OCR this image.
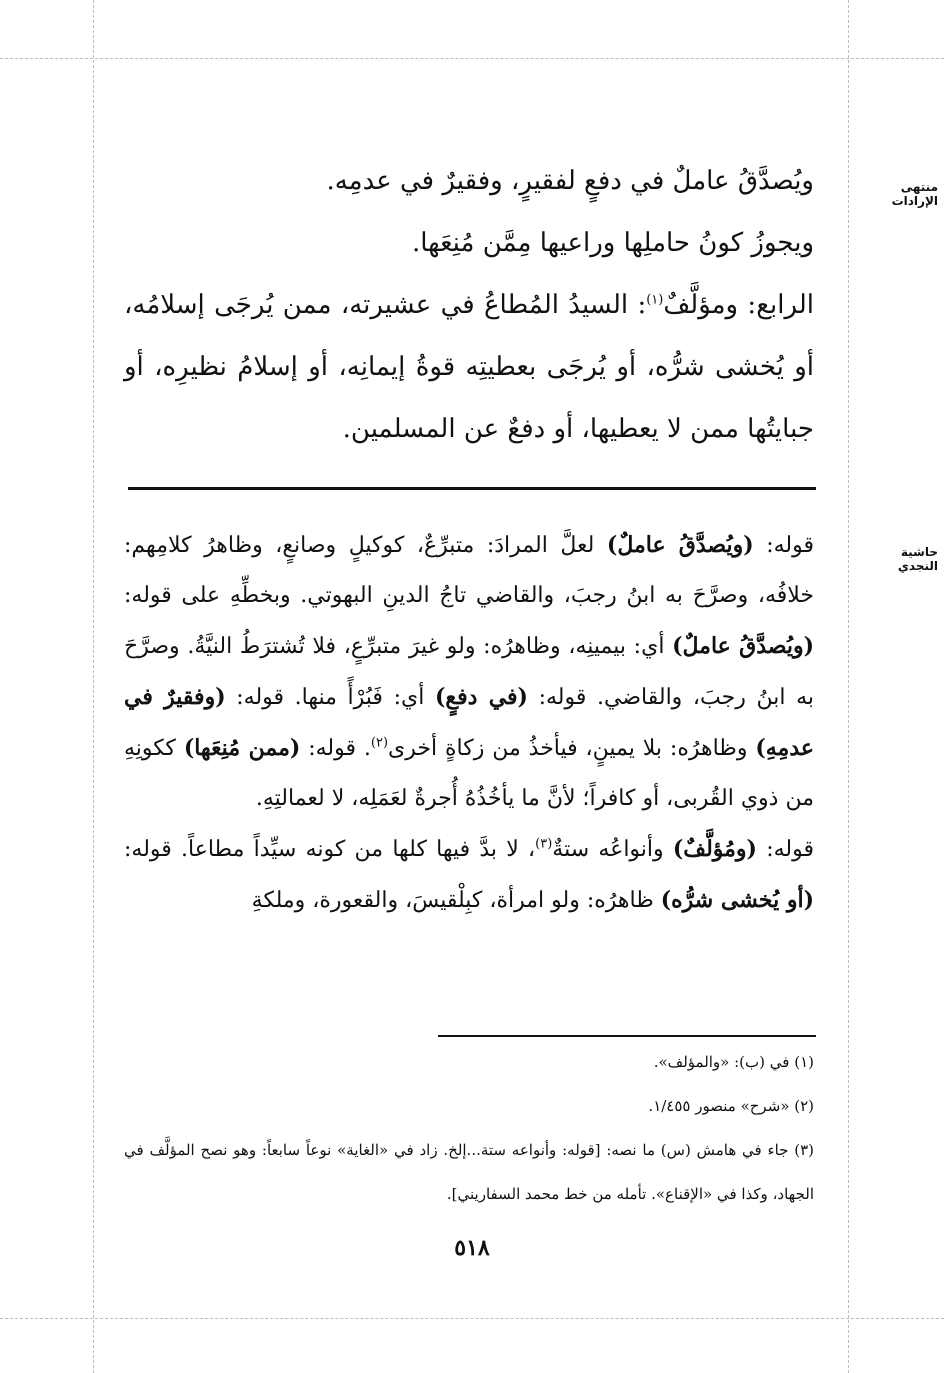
منتهى الإرادات
حاشية النجدي

ويُصدَّقُ عاملٌ في دفعٍ لفقيرٍ، وفقيرٌ في عدمِه.

ويجوزُ كونُ حاملِها وراعيها مِمَّن مُنِعَها.

الرابع: ومؤلَّفٌ$^{(١)}$: السيدُ المُطاعُ في عشيرته، ممن يُرجَى إسلامُه، أو يُخشى شرُّه، أو يُرجَى بعطيتِه قوةُ إيمانِه، أو إسلامُ نظيرِه، أو جبايتُها ممن لا يعطيها، أو دفعٌ عن المسلمين.

قوله: (ويُصدَّقُ عاملٌ) لعلَّ المرادَ: متبرِّعٌ، كوكيلٍ وصانعٍ، وظاهرُ كلامِهم: خلافُه، وصرَّحَ به ابنُ رجبَ، والقاضي تاجُ الدينِ البهوتي. وبخطِّهِ على قوله: (ويُصدَّقُ عاملٌ) أي: بيمينِه، وظاهرُه: ولو غيرَ متبرِّعٍ، فلا تُشترَطُ النيَّةُ. وصرَّحَ به ابنُ رجبَ، والقاضي. قوله: (في دفعٍ) أي: فَبُرْأً منها. قوله: (وفقيرٌ في عدمِهِ) وظاهرُه: بلا يمينٍ، فيأخذُ من زكاةٍ أخرى$^{(٢)}$. قوله: (ممن مُنِعَها) ككونِهِ من ذوي القُربى، أو كافراً؛ لأنَّ ما يأخُذُهُ أُجرةٌ لعَمَلِه، لا لعمالتِهِ.

قوله: (ومُؤلَّفٌ) وأنواعُه ستةٌ$^{(٣)}$، لا بدَّ فيها كلها من كونه سيِّداً مطاعاً. قوله: (أو يُخشى شرُّه) ظاهرُه: ولو امرأة، كبِلْقيسَ، والقعورة، وملكةِ

(١) في (ب): «والمؤلف».

(٢) «شرح» منصور ١/٤٥٥.

(٣) جاء في هامش (س) ما نصه: [قوله: وأنواعه ستة...إلخ. زاد في «الغاية» نوعاً سابعاً: وهو نصح المؤلَّف في الجهاد، وكذا في «الإقناع». تأمله من خط محمد السفاريني].

٥١٨
